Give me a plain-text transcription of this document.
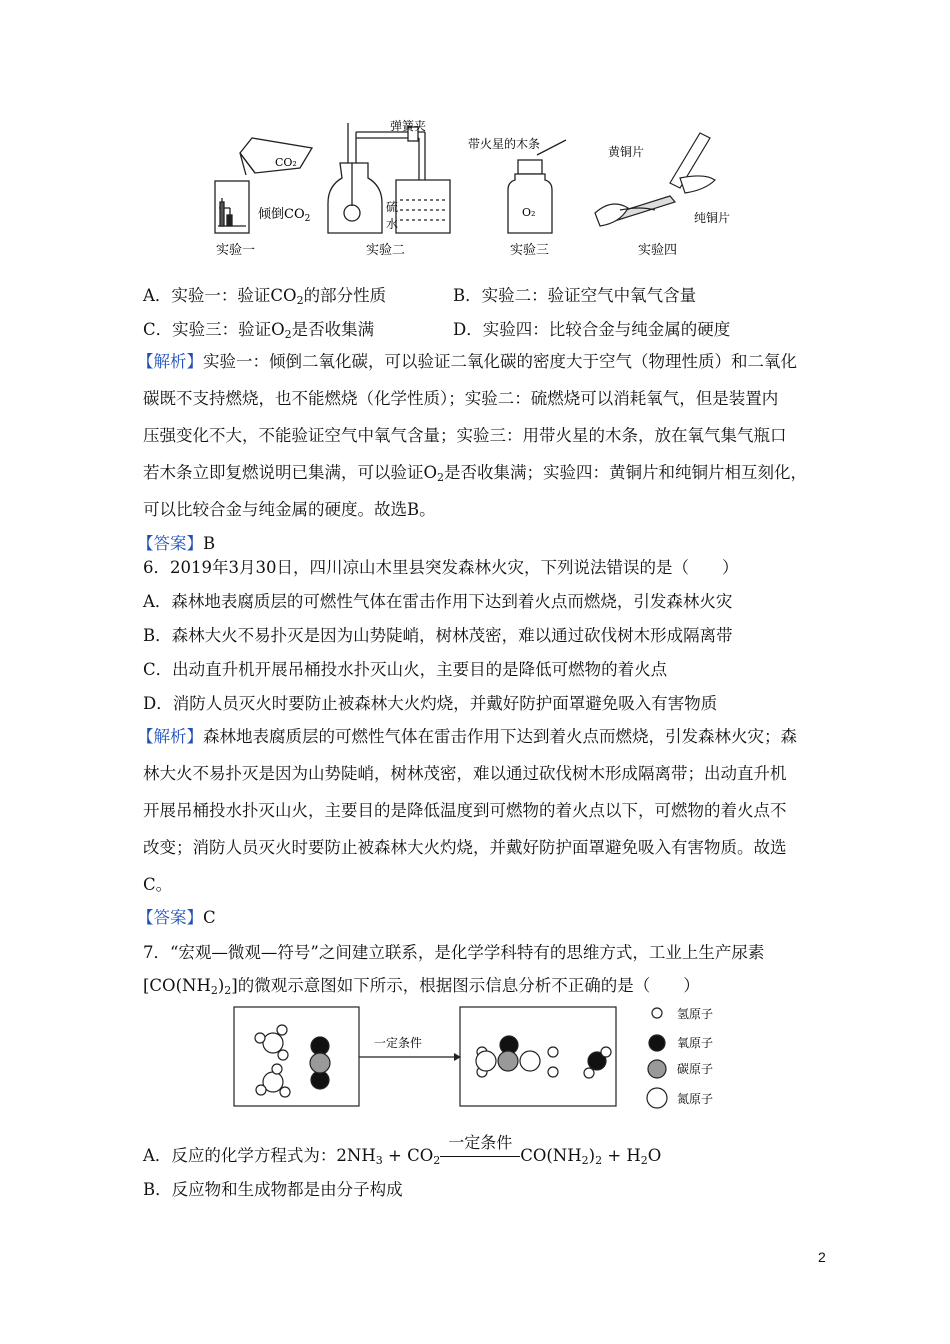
CO₂
倾倒$CO_2$
实验一
弹簧夹
硫
水
实验二
带火星的木条
O₂
实验三
黄铜片
纯铜片
实验四
A．实验一：验证$CO_2$的部分性质	B．实验二：验证空气中氧气含量
C．实验三：验证$O_2$是否收集满	D．实验四：比较合金与纯金属的硬度
【解析】实验一：倾倒二氧化碳，可以验证二氧化碳的密度大于空气（物理性质）和二氧化
碳既不支持燃烧，也不能燃烧（化学性质）；实验二：硫燃烧可以消耗氧气，但是装置内
压强变化不大，不能验证空气中氧气含量；实验三：用带火星的木条，放在氧气集气瓶口
若木条立即复燃说明已集满，可以验证$O_2$是否收集满；实验四：黄铜片和纯铜片相互刻化，
可以比较合金与纯金属的硬度。故选B。
【答案】B
6．2019年3月30日，四川凉山木里县突发森林火灾，下列说法错误的是（　　）
A．森林地表腐质层的可燃性气体在雷击作用下达到着火点而燃烧，引发森林火灾
B．森林大火不易扑灭是因为山势陡峭，树林茂密，难以通过砍伐树木形成隔离带
C．出动直升机开展吊桶投水扑灭山火，主要目的是降低可燃物的着火点
D．消防人员灭火时要防止被森林大火灼烧，并戴好防护面罩避免吸入有害物质
【解析】森林地表腐质层的可燃性气体在雷击作用下达到着火点而燃烧，引发森林火灾；森
林大火不易扑灭是因为山势陡峭，树林茂密，难以通过砍伐树木形成隔离带；出动直升机
开展吊桶投水扑灭山火，主要目的是降低温度到可燃物的着火点以下，可燃物的着火点不
改变；消防人员灭火时要防止被森林大火灼烧，并戴好防护面罩避免吸入有害物质。故选
C。
【答案】C
7．“宏观—微观—符号”之间建立联系，是化学学科特有的思维方式，工业上生产尿素
$[CO(NH_2)_2]$的微观示意图如下所示，根据图示信息分析不正确的是（　　）
一定条件
氢原子
氧原子
碳原子
氮原子
A．反应的化学方程式为：$2NH_3 + CO_2$
一定条件
$CO(NH_2)_2 + H_2O$
B．反应物和生成物都是由分子构成
2
